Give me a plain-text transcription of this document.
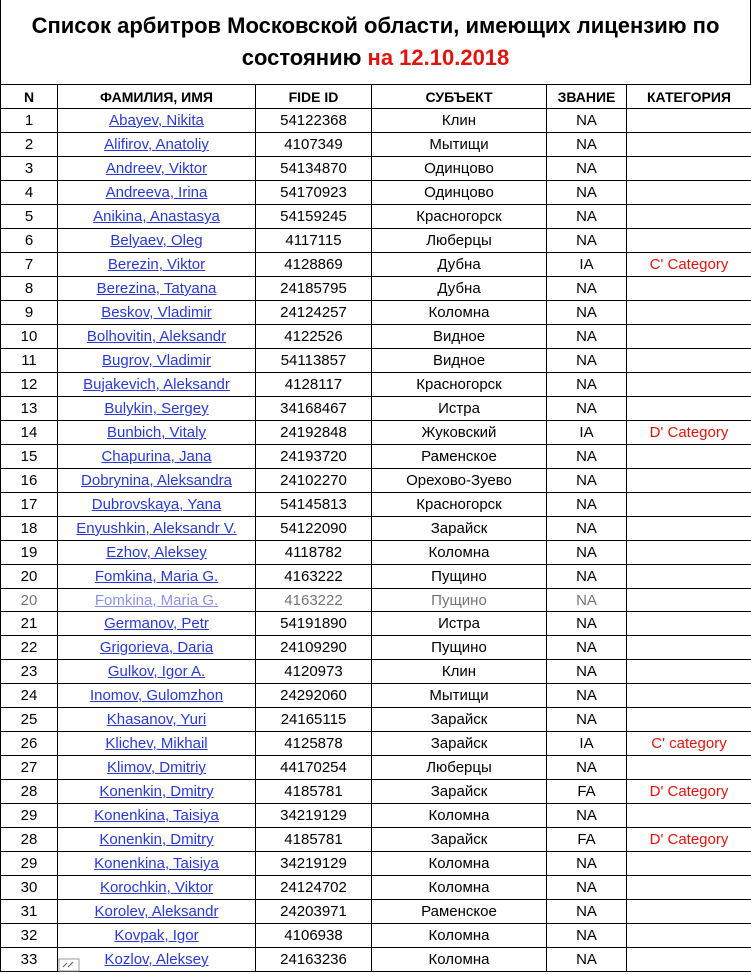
Список арбитров Московской области, имеющих лицензию по
состоянию на 12.10.2018
N	ФАМИЛИЯ, ИМЯ	FIDE ID	СУБЪЕКТ	ЗВАНИЕ	КАТЕГОРИЯ
1	Abayev, Nikita	54122368	Клин	NA	
2	Alifirov, Anatoliy	4107349	Мытищи	NA	
3	Andreev, Viktor	54134870	Одинцово	NA	
4	Andreeva, Irina	54170923	Одинцово	NA	
5	Anikina, Anastasya	54159245	Красногорск	NA	
6	Belyaev, Oleg	4117115	Люберцы	NA	
7	Berezin, Viktor	4128869	Дубна	IA	C' Category
8	Berezina, Tatyana	24185795	Дубна	NA	
9	Beskov, Vladimir	24124257	Коломна	NA	
10	Bolhovitin, Aleksandr	4122526	Видное	NA	
11	Bugrov, Vladimir	54113857	Видное	NA	
12	Bujakevich, Aleksandr	4128117	Красногорск	NA	
13	Bulykin, Sergey	34168467	Истра	NA	
14	Bunbich, Vitaly	24192848	Жуковский	IA	D' Category
15	Chapurina, Jana	24193720	Раменское	NA	
16	Dobrynina, Aleksandra	24102270	Орехово-Зуево	NA	
17	Dubrovskaya, Yana	54145813	Красногорск	NA	
18	Enyushkin, Aleksandr V.	54122090	Зарайск	NA	
19	Ezhov, Aleksey	4118782	Коломна	NA	
20	Fomkina, Maria G.	4163222	Пущино	NA	
20	Fomkina, Maria G.	4163222	Пущино	NA	
21	Germanov, Petr	54191890	Истра	NA	
22	Grigorieva, Daria	24109290	Пущино	NA	
23	Gulkov, Igor A.	4120973	Клин	NA	
24	Inomov, Gulomzhon	24292060	Мытищи	NA	
25	Khasanov, Yuri	24165115	Зарайск	NA	
26	Klichev, Mikhail	4125878	Зарайск	IA	C' category
27	Klimov, Dmitriy	44170254	Люберцы	NA	
28	Konenkin, Dmitry	4185781	Зарайск	FA	D' Category
29	Konenkina, Taisiya	34219129	Коломна	NA	
28	Konenkin, Dmitry	4185781	Зарайск	FA	D' Category
29	Konenkina, Taisiya	34219129	Коломна	NA	
30	Korochkin, Viktor	24124702	Коломна	NA	
31	Korolev, Aleksandr	24203971	Раменское	NA	
32	Kovpak, Igor	4106938	Коломна	NA	
33	Kozlov, Aleksey	24163236	Коломна	NA	
